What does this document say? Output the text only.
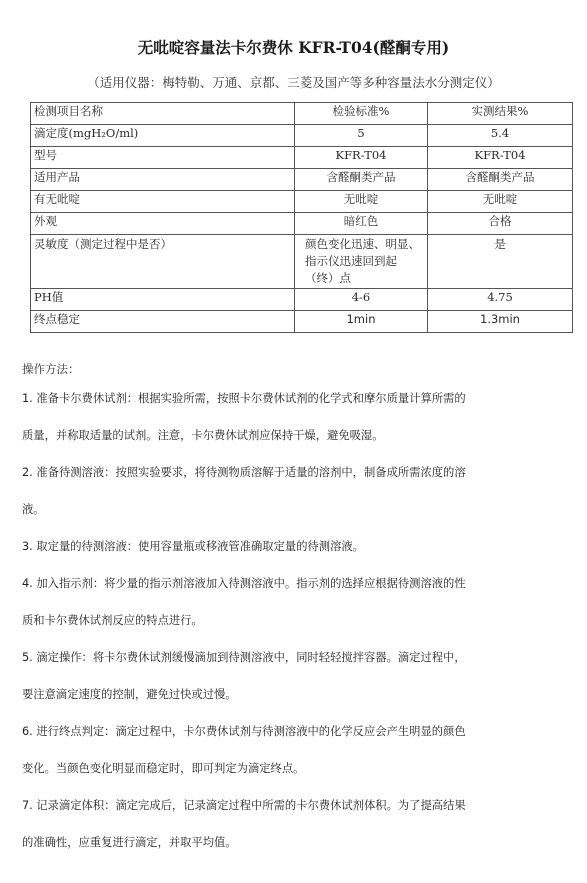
无吡啶容量法卡尔费休 KFR-T04(醛酮专用)
（适用仪器：梅特勒、万通、京都、三菱及国产等多种容量法水分测定仪）
检测项目名称	检验标准%	实测结果%
滴定度(mgH₂O/ml)	5	5.4
型号	KFR-T04	KFR-T04
适用产品	含醛酮类产品	含醛酮类产品
有无吡啶	无吡啶	无吡啶
外观	暗红色	合格
灵敏度（测定过程中是否）	颜色变化迅速、明显、指示仪迅速回到起（终）点	是
PH值	4-6	4.75
终点稳定	1min	1.3min
操作方法：
1. 准备卡尔费休试剂：根据实验所需，按照卡尔费休试剂的化学式和摩尔质量计算所需的
质量，并称取适量的试剂。注意，卡尔费休试剂应保持干燥，避免吸湿。
2. 准备待测溶液：按照实验要求，将待测物质溶解于适量的溶剂中，制备成所需浓度的溶
液。
3. 取定量的待测溶液：使用容量瓶或移液管准确取定量的待测溶液。
4. 加入指示剂：将少量的指示剂溶液加入待测溶液中。指示剂的选择应根据待测溶液的性
质和卡尔费休试剂反应的特点进行。
5. 滴定操作：将卡尔费休试剂缓慢滴加到待测溶液中，同时轻轻搅拌容器。滴定过程中，
要注意滴定速度的控制，避免过快或过慢。
6. 进行终点判定：滴定过程中，卡尔费休试剂与待测溶液中的化学反应会产生明显的颜色
变化。当颜色变化明显而稳定时，即可判定为滴定终点。
7. 记录滴定体积：滴定完成后，记录滴定过程中所需的卡尔费休试剂体积。为了提高结果
的准确性，应重复进行滴定，并取平均值。
